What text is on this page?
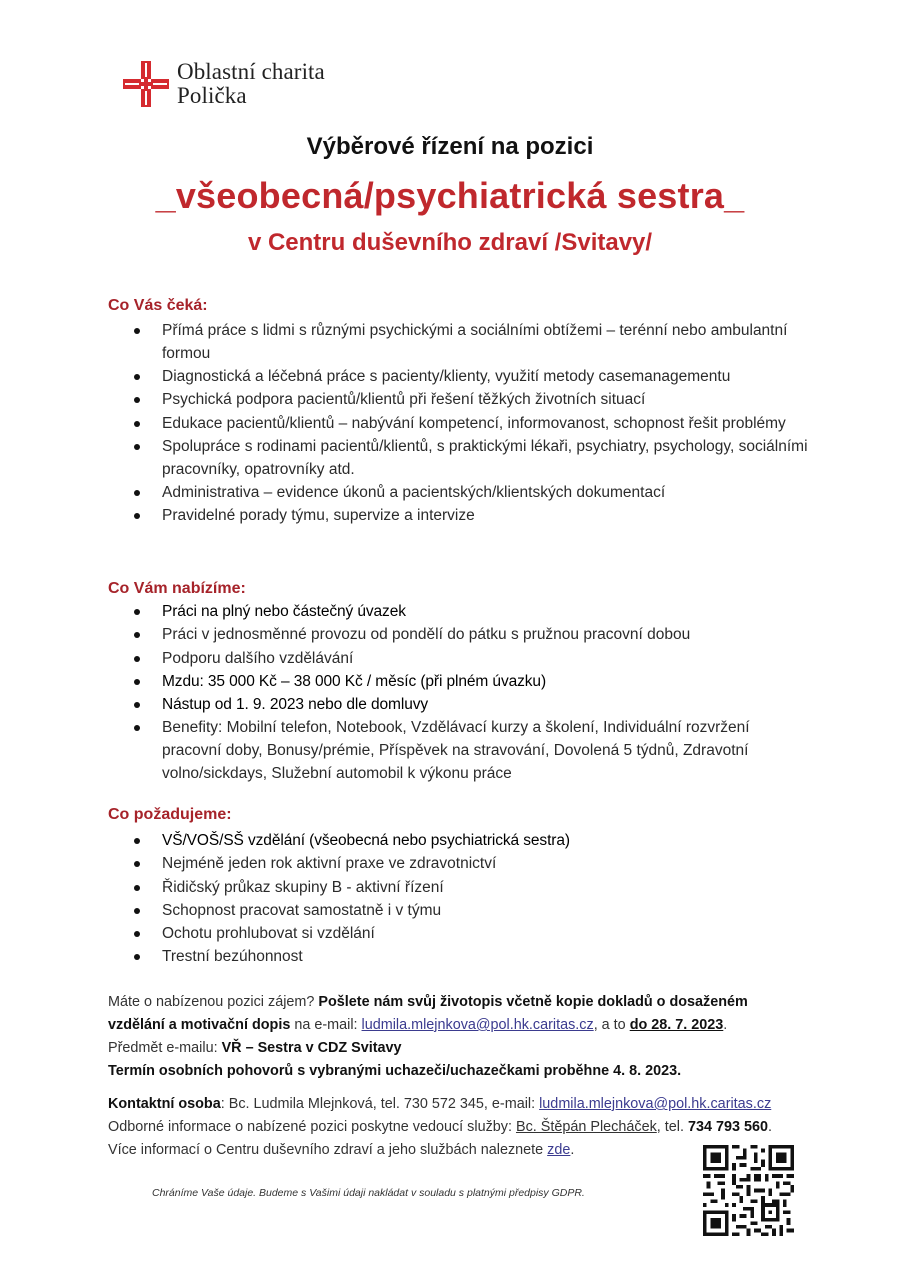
Oblastní charita
Polička
Výběrové řízení na pozici
_všeobecná/psychiatrická sestra_
v Centru duševního zdraví /Svitavy/
Co Vás čeká:
Přímá práce s lidmi s různými psychickými a sociálními obtížemi – terénní nebo ambulantní formou
Diagnostická a léčebná práce s pacienty/klienty, využití metody casemanagementu
Psychická podpora pacientů/klientů při řešení těžkých životních situací
Edukace pacientů/klientů – nabývání kompetencí, informovanost, schopnost řešit problémy
Spolupráce s rodinami pacientů/klientů, s praktickými lékaři, psychiatry, psychology, sociálními pracovníky, opatrovníky atd.
Administrativa – evidence úkonů a pacientských/klientských dokumentací
Pravidelné porady týmu, supervize a intervize
Co Vám nabízíme:
Práci na plný nebo částečný úvazek
Práci v jednosměnné provozu od pondělí do pátku s pružnou pracovní dobou
Podporu dalšího vzdělávání
Mzdu: 35 000 Kč – 38 000 Kč / měsíc (při plném úvazku)
Nástup od 1. 9. 2023 nebo dle domluvy
Benefity: Mobilní telefon, Notebook, Vzdělávací kurzy a školení, Individuální rozvržení pracovní doby, Bonusy/prémie, Příspěvek na stravování, Dovolená 5 týdnů, Zdravotní volno/sickdays, Služební automobil k výkonu práce
Co požadujeme:
VŠ/VOŠ/SŠ vzdělání (všeobecná nebo psychiatrická sestra)
Nejméně jeden rok aktivní praxe ve zdravotnictví
Řidičský průkaz skupiny B - aktivní řízení
Schopnost pracovat samostatně i v týmu
Ochotu prohlubovat si vzdělání
Trestní bezúhonnost
Máte o nabízenou pozici zájem? Pošlete nám svůj životopis včetně kopie dokladů o dosaženém vzdělání a motivační dopis na e-mail: ludmila.mlejnkova@pol.hk.caritas.cz, a to do 28. 7. 2023.
Předmět e-mailu: VŘ – Sestra v CDZ Svitavy
Termín osobních pohovorů s vybranými uchazeči/uchazečkami proběhne 4. 8. 2023.
Kontaktní osoba: Bc. Ludmila Mlejnková, tel. 730 572 345, e-mail: ludmila.mlejnkova@pol.hk.caritas.cz
Odborné informace o nabízené pozici poskytne vedoucí služby: Bc. Štěpán Plecháček, tel. 734 793 560.
Více informací o Centru duševního zdraví a jeho službách naleznete zde.
Chráníme Vaše údaje. Budeme s Vašimi údaji nakládat v souladu s platnými předpisy GDPR.
